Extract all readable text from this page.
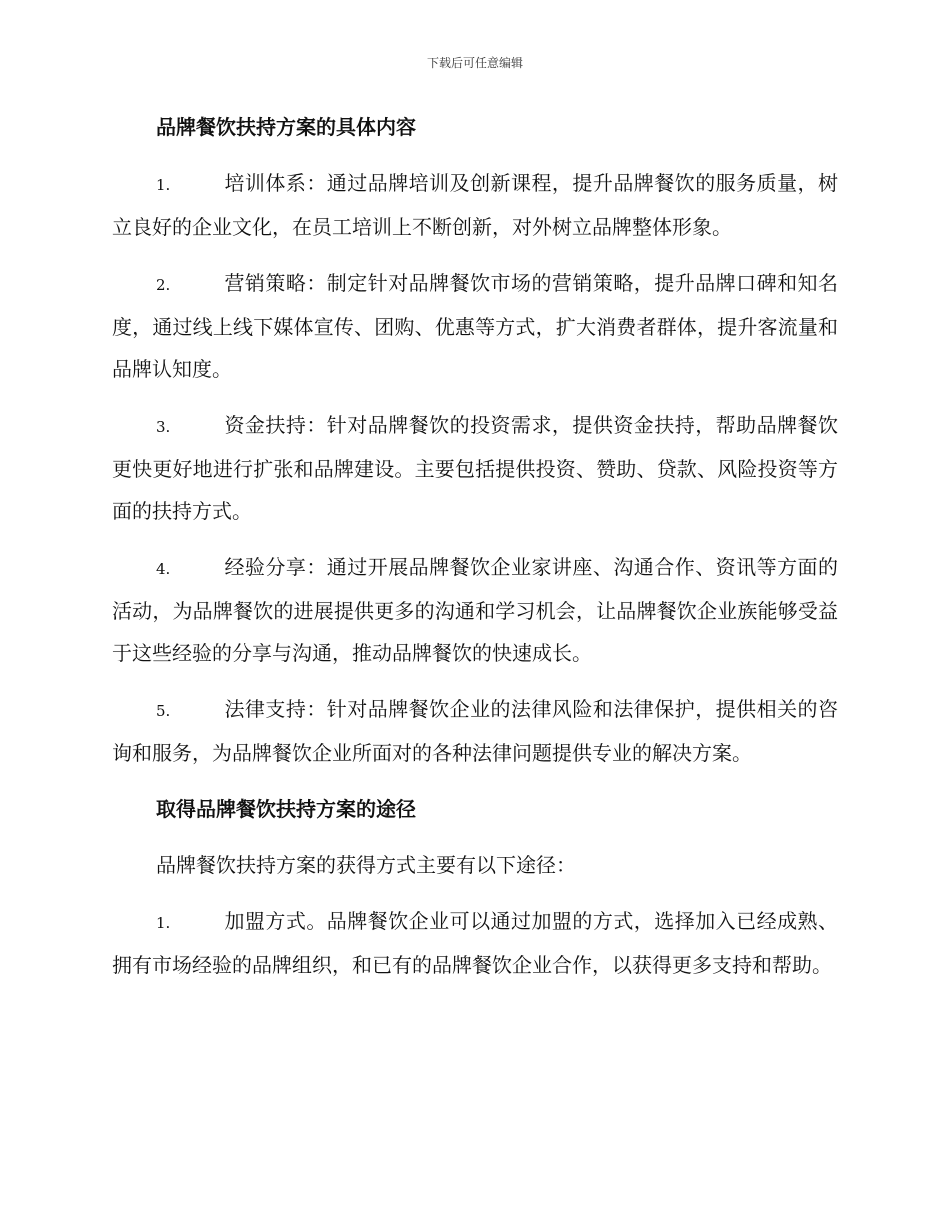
下载后可任意编辑
品牌餐饮扶持方案的具体内容

1.	培训体系：通过品牌培训及创新课程，提升品牌餐饮的服务质量，树立良好的企业文化，在员工培训上不断创新，对外树立品牌整体形象。

2.	营销策略：制定针对品牌餐饮市场的营销策略，提升品牌口碑和知名度，通过线上线下媒体宣传、团购、优惠等方式，扩大消费者群体，提升客流量和品牌认知度。

3.	资金扶持：针对品牌餐饮的投资需求，提供资金扶持，帮助品牌餐饮更快更好地进行扩张和品牌建设。主要包括提供投资、赞助、贷款、风险投资等方面的扶持方式。

4.	经验分享：通过开展品牌餐饮企业家讲座、沟通合作、资讯等方面的活动，为品牌餐饮的进展提供更多的沟通和学习机会，让品牌餐饮企业族能够受益于这些经验的分享与沟通，推动品牌餐饮的快速成长。

5.	法律支持：针对品牌餐饮企业的法律风险和法律保护，提供相关的咨询和服务，为品牌餐饮企业所面对的各种法律问题提供专业的解决方案。

取得品牌餐饮扶持方案的途径

品牌餐饮扶持方案的获得方式主要有以下途径：

1.	加盟方式。品牌餐饮企业可以通过加盟的方式，选择加入已经成熟、拥有市场经验的品牌组织，和已有的品牌餐饮企业合作，以获得更多支持和帮助。
